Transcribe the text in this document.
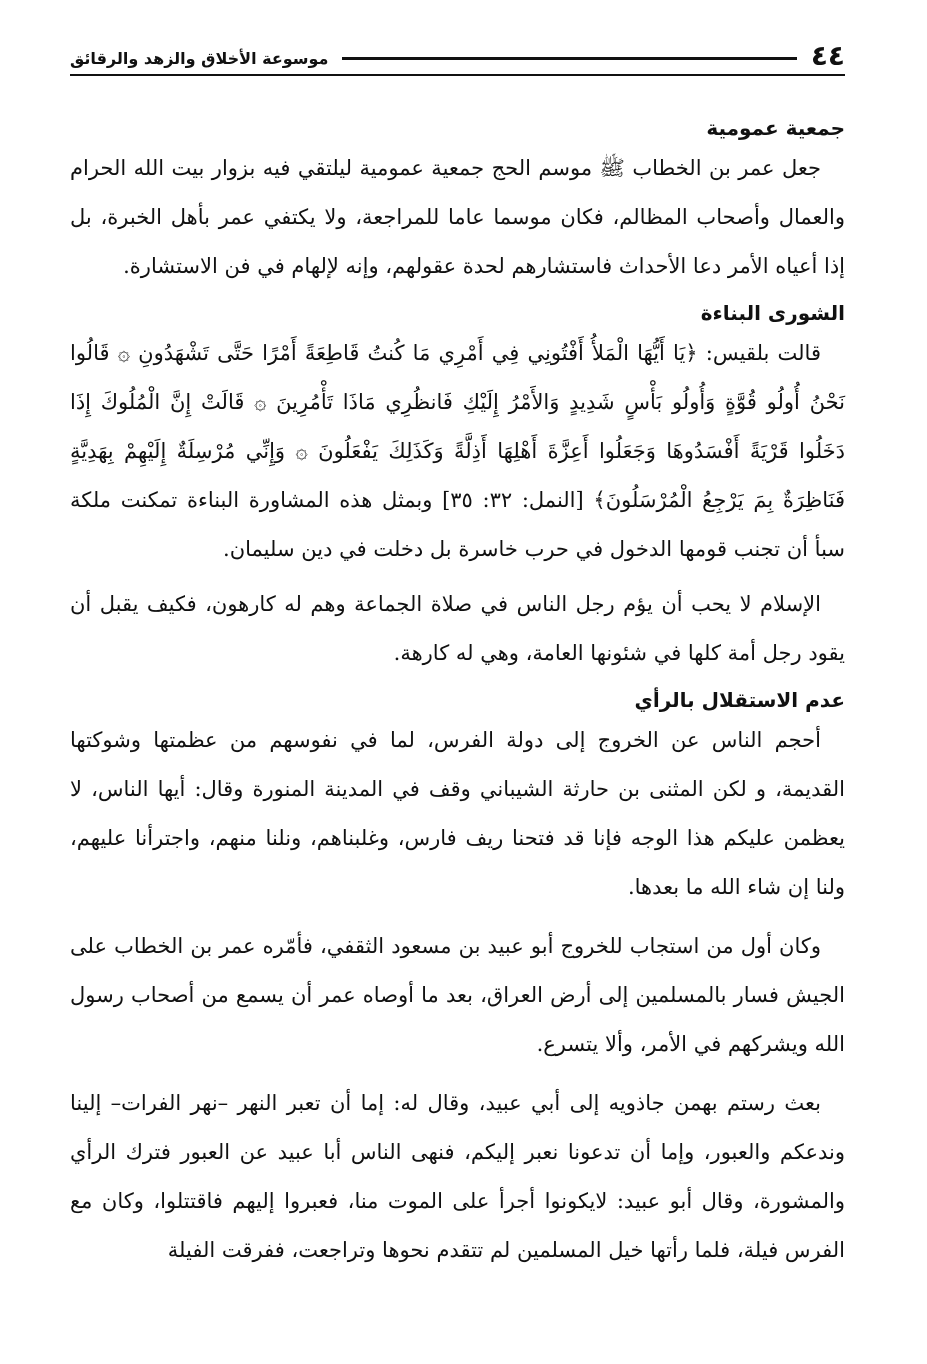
٤٤
موسوعة الأخلاق والزهد والرقائق
جمعية عمومية

جعل عمر بن الخطاب ﷺ موسم الحج جمعية عمومية ليلتقي فيه بزوار بيت الله الحرام والعمال وأصحاب المظالم، فكان موسما عاما للمراجعة، ولا يكتفي عمر بأهل الخبرة، بل إذا أعياه الأمر دعا الأحداث فاستشارهم لحدة عقولهم، وإنه لإلهام في فن الاستشارة.

الشورى البناءة

قالت بلقيس: ﴿يَا أَيُّهَا الْمَلأُ أَفْتُونِي فِي أَمْرِي مَا كُنتُ قَاطِعَةً أَمْرًا حَتَّى تَشْهَدُونِ ۞ قَالُوا نَحْنُ أُولُو قُوَّةٍ وَأُولُو بَأْسٍ شَدِيدٍ وَالأَمْرُ إِلَيْكِ فَانظُرِي مَاذَا تَأْمُرِينَ ۞ قَالَتْ إِنَّ الْمُلُوكَ إِذَا دَخَلُوا قَرْيَةً أَفْسَدُوهَا وَجَعَلُوا أَعِزَّةَ أَهْلِهَا أَذِلَّةً وَكَذَلِكَ يَفْعَلُونَ ۞ وَإِنِّي مُرْسِلَةٌ إِلَيْهِمْ بِهَدِيَّةٍ فَنَاظِرَةٌ بِمَ يَرْجِعُ الْمُرْسَلُونَ﴾ [النمل: ٣٢: ٣٥] وبمثل هذه المشاورة البناءة تمكنت ملكة سبأ أن تجنب قومها الدخول في حرب خاسرة بل دخلت في دين سليمان.

الإسلام لا يحب أن يؤم رجل الناس في صلاة الجماعة وهم له كارهون، فكيف يقبل أن يقود رجل أمة كلها في شئونها العامة، وهي له كارهة.

عدم الاستقلال بالرأي

أحجم الناس عن الخروج إلى دولة الفرس، لما في نفوسهم من عظمتها وشوكتها القديمة، و لكن المثنى بن حارثة الشيباني وقف في المدينة المنورة وقال: أيها الناس، لا يعظمن عليكم هذا الوجه فإنا قد فتحنا ريف فارس، وغلبناهم، ونلنا منهم، واجترأنا عليهم، ولنا إن شاء الله ما بعدها.

وكان أول من استجاب للخروج أبو عبيد بن مسعود الثقفي، فأمّره عمر بن الخطاب على الجيش فسار بالمسلمين إلى أرض العراق، بعد ما أوصاه عمر أن يسمع من أصحاب رسول الله ويشركهم في الأمر، وألا يتسرع.

بعث رستم بهمن جاذويه إلى أبي عبيد، وقال له: إما أن تعبر النهر –نهر الفرات– إلينا وندعكم والعبور، وإما أن تدعونا نعبر إليكم، فنهى الناس أبا عبيد عن العبور فترك الرأي والمشورة، وقال أبو عبيد: لايكونوا أجرأ على الموت منا، فعبروا إليهم فاقتتلوا، وكان مع الفرس فيلة، فلما رأتها خيل المسلمين لم تتقدم نحوها وتراجعت، ففرقت الفيلة
